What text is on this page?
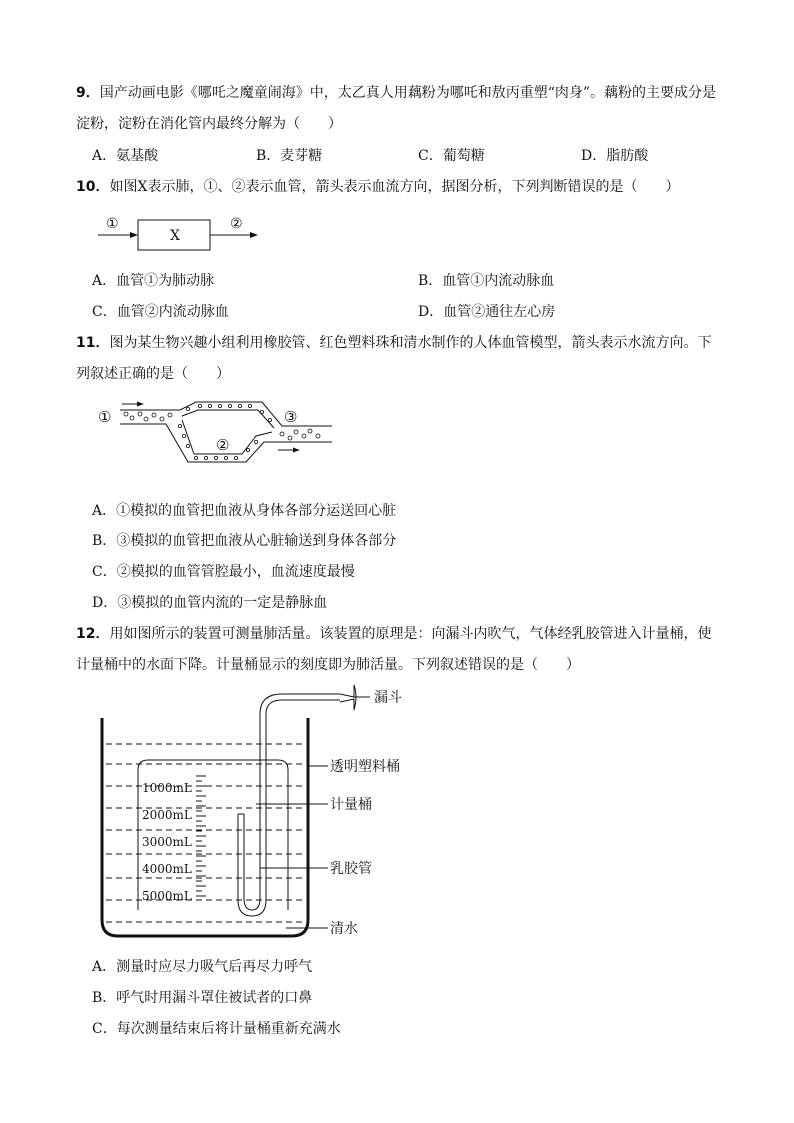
9．国产动画电影《哪吒之魔童闹海》中，太乙真人用藕粉为哪吒和敖丙重塑“肉身”。藕粉的主要成分是
淀粉，淀粉在消化管内最终分解为（　　）
A．氨基酸	B．麦芽糖	C．葡萄糖	D．脂肪酸
10．如图X表示肺，①、②表示血管，箭头表示血流方向，据图分析，下列判断错误的是（　　）
①
X
②
A．血管①为肺动脉	B．血管①内流动脉血
C．血管②内流动脉血	D．血管②通往左心房
11．图为某生物兴趣小组利用橡胶管、红色塑料珠和清水制作的人体血管模型，箭头表示水流方向。下
列叙述正确的是（　　）
①	③
②
A．①模拟的血管把血液从身体各部分运送回心脏
B．③模拟的血管把血液从心脏输送到身体各部分
C．②模拟的血管管腔最小，血流速度最慢
D．③模拟的血管内流的一定是静脉血
12．用如图所示的装置可测量肺活量。该装置的原理是：向漏斗内吹气，气体经乳胶管进入计量桶，使
计量桶中的水面下降。计量桶显示的刻度即为肺活量。下列叙述错误的是（　　）
1000mL
2000mL
3000mL
4000mL
5000mL
漏斗
透明塑料桶
计量桶
乳胶管
清水
A．测量时应尽力吸气后再尽力呼气
B．呼气时用漏斗罩住被试者的口鼻
C．每次测量结束后将计量桶重新充满水
